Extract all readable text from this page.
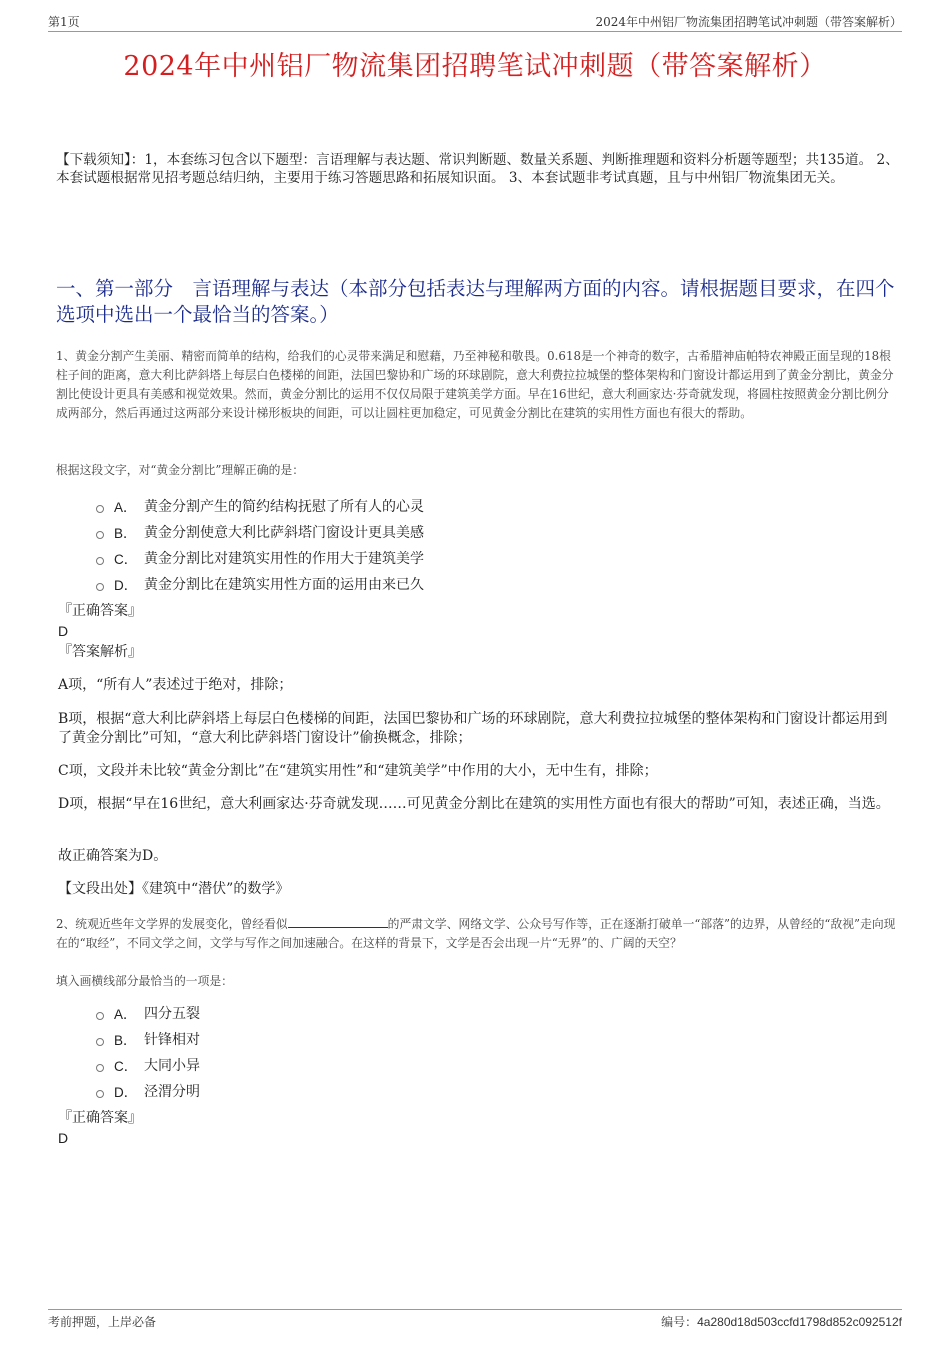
第1页	2024年中州铝厂物流集团招聘笔试冲刺题（带答案解析）
2024年中州铝厂物流集团招聘笔试冲刺题（带答案解析）
【下载须知】：1，本套练习包含以下题型：言语理解与表达题、常识判断题、数量关系题、判断推理题和资料分析题等题型；共135道。 2、本套试题根据常见招考题总结归纳，主要用于练习答题思路和拓展知识面。 3、本套试题非考试真题，且与中州铝厂物流集团无关。
一、第一部分　言语理解与表达（本部分包括表达与理解两方面的内容。请根据题目要求，在四个选项中选出一个最恰当的答案。）
1、黄金分割产生美丽、精密而简单的结构，给我们的心灵带来满足和慰藉，乃至神秘和敬畏。0.618是一个神奇的数字，古希腊神庙帕特农神殿正面呈现的18根柱子间的距离，意大利比萨斜塔上每层白色楼梯的间距，法国巴黎协和广场的环球剧院，意大利费拉拉城堡的整体架构和门窗设计都运用到了黄金分割比，黄金分割比使设计更具有美感和视觉效果。然而，黄金分割比的运用不仅仅局限于建筑美学方面。早在16世纪，意大利画家达·芬奇就发现，将圆柱按照黄金分割比例分成两部分，然后再通过这两部分来设计梯形板块的间距，可以让圆柱更加稳定，可见黄金分割比在建筑的实用性方面也有很大的帮助。
根据这段文字，对“黄金分割比”理解正确的是：
A． 黄金分割产生的简约结构抚慰了所有人的心灵
B． 黄金分割使意大利比萨斜塔门窗设计更具美感
C． 黄金分割比对建筑实用性的作用大于建筑美学
D． 黄金分割比在建筑实用性方面的运用由来已久
『正确答案』
D
『答案解析』
A项，“所有人”表述过于绝对，排除；
B项，根据“意大利比萨斜塔上每层白色楼梯的间距，法国巴黎协和广场的环球剧院，意大利费拉拉城堡的整体架构和门窗设计都运用到了黄金分割比”可知，“意大利比萨斜塔门窗设计”偷换概念，排除；
C项，文段并未比较“黄金分割比”在“建筑实用性”和“建筑美学”中作用的大小，无中生有，排除；
D项，根据“早在16世纪，意大利画家达·芬奇就发现……可见黄金分割比在建筑的实用性方面也有很大的帮助”可知，表述正确，当选。
故正确答案为D。
【文段出处】《建筑中“潜伏”的数学》
2、统观近些年文学界的发展变化，曾经看似	的严肃文学、网络文学、公众号写作等，正在逐渐打破单一“部落”的边界，从曾经的“敌视”走向现在的“取经”，不同文学之间，文学与写作之间加速融合。在这样的背景下，文学是否会出现一片“无界”的、广阔的天空？
填入画横线部分最恰当的一项是：
A． 四分五裂
B． 针锋相对
C． 大同小异
D． 泾渭分明
『正确答案』
D
考前押题，上岸必备	编号：4a280d18d503ccfd1798d852c092512f
